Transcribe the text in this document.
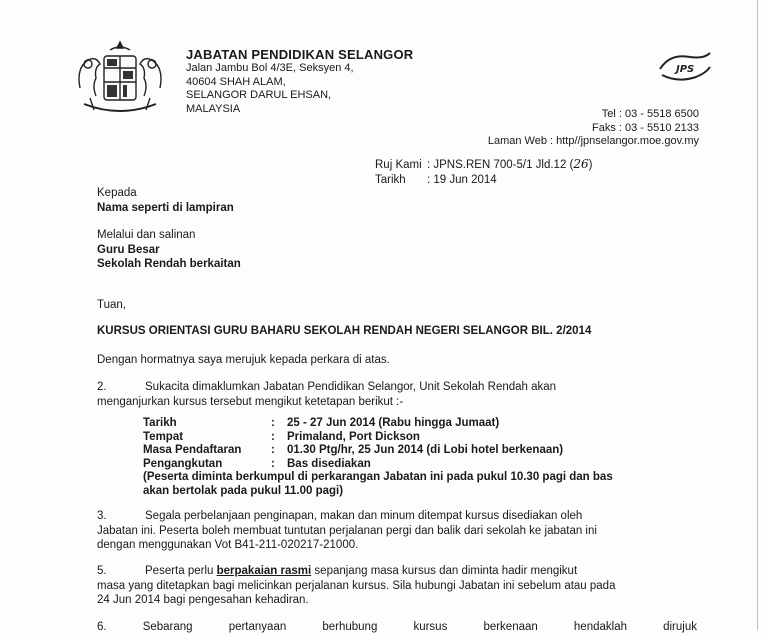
JABATAN PENDIDIKAN SELANGOR
Jalan Jambu Bol 4/3E, Seksyen 4,
40604 SHAH ALAM,
SELANGOR DARUL EHSAN,
MALAYSIA
JPS
Tel : 03 - 5518 6500
Faks : 03 - 5510 2133
Laman Web : http//jpnselangor.moe.gov.my
Ruj Kami : JPNS.REN 700-5/1 Jld.12 (26)
Tarikh : 19 Jun 2014
Kepada
Nama seperti di lampiran
Melalui dan salinan
Guru Besar
Sekolah Rendah berkaitan
Tuan,
KURSUS ORIENTASI GURU BAHARU SEKOLAH RENDAH NEGERI SELANGOR BIL. 2/2014
Dengan hormatnya saya merujuk kepada perkara di atas.
2.	Sukacita dimaklumkan Jabatan Pendidikan Selangor, Unit Sekolah Rendah akan
menganjurkan kursus tersebut mengikut ketetapan berikut :-
Tarikh	: 25 - 27 Jun 2014 (Rabu hingga Jumaat)
Tempat	: Primaland, Port Dickson
Masa Pendaftaran	: 01.30 Ptg/hr, 25 Jun 2014 (di Lobi hotel berkenaan)
Pengangkutan	: Bas disediakan
(Peserta diminta berkumpul di perkarangan Jabatan ini pada pukul 10.30 pagi dan bas
akan bertolak pada pukul 11.00 pagi)
3.	Segala perbelanjaan penginapan, makan dan minum ditempat kursus disediakan oleh
Jabatan ini. Peserta boleh membuat tuntutan perjalanan pergi dan balik dari sekolah ke jabatan ini
dengan menggunakan Vot B41-211-020217-21000.
5.	Peserta perlu berpakaian rasmi sepanjang masa kursus dan diminta hadir mengikut
masa yang ditetapkan bagi melicinkan perjalanan kursus. Sila hubungi Jabatan ini sebelum atau pada
24 Jun 2014 bagi pengesahan kehadiran.
6.	Sebarang	pertanyaan	berhubung	kursus	berkenaan	hendaklah	dirujuk
